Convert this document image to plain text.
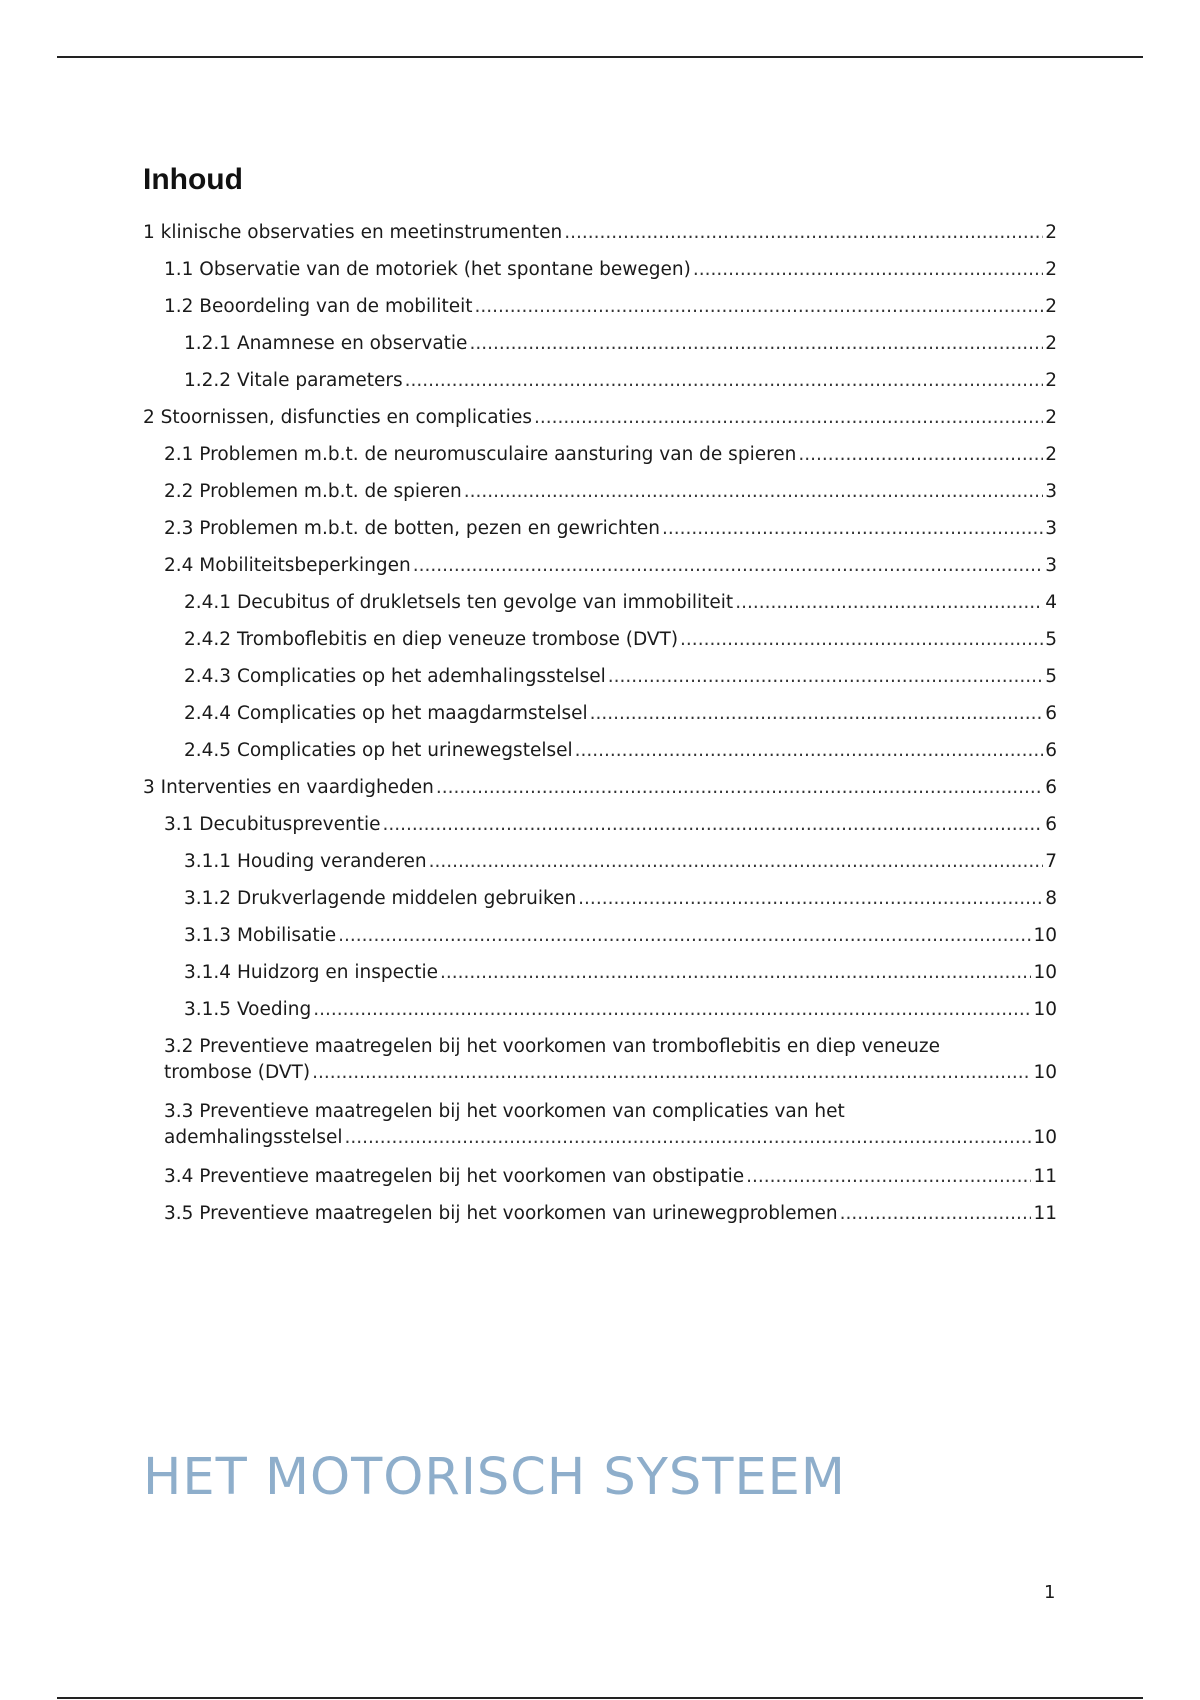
Inhoud
1 klinische observaties en meetinstrumenten .....	2
1.1 Observatie van de motoriek (het spontane bewegen) .....	2
1.2 Beoordeling van de mobiliteit .....	2
1.2.1 Anamnese en observatie .....	2
1.2.2 Vitale parameters .....	2
2 Stoornissen, disfuncties en complicaties .....	2
2.1 Problemen m.b.t. de neuromusculaire aansturing van de spieren .....	2
2.2 Problemen m.b.t. de spieren .....	3
2.3 Problemen m.b.t. de botten, pezen en gewrichten .....	3
2.4 Mobiliteitsbeperkingen .....	3
2.4.1 Decubitus of drukletsels ten gevolge van immobiliteit .....	4
2.4.2 Tromboflebitis en diep veneuze trombose (DVT) .....	5
2.4.3 Complicaties op het ademhalingsstelsel .....	5
2.4.4 Complicaties op het maagdarmstelsel .....	6
2.4.5 Complicaties op het urinewegstelsel .....	6
3 Interventies en vaardigheden .....	6
3.1 Decubituspreventie .....	6
3.1.1 Houding veranderen .....	7
3.1.2 Drukverlagende middelen gebruiken .....	8
3.1.3 Mobilisatie .....	10
3.1.4 Huidzorg en inspectie .....	10
3.1.5 Voeding .....	10
3.2 Preventieve maatregelen bij het voorkomen van tromboflebitis en diep veneuze
trombose (DVT) .....	10
3.3 Preventieve maatregelen bij het voorkomen van complicaties van het
ademhalingsstelsel .....	10
3.4 Preventieve maatregelen bij het voorkomen van obstipatie .....	11
3.5 Preventieve maatregelen bij het voorkomen van urinewegproblemen .....	11
HET MOTORISCH SYSTEEM
1
